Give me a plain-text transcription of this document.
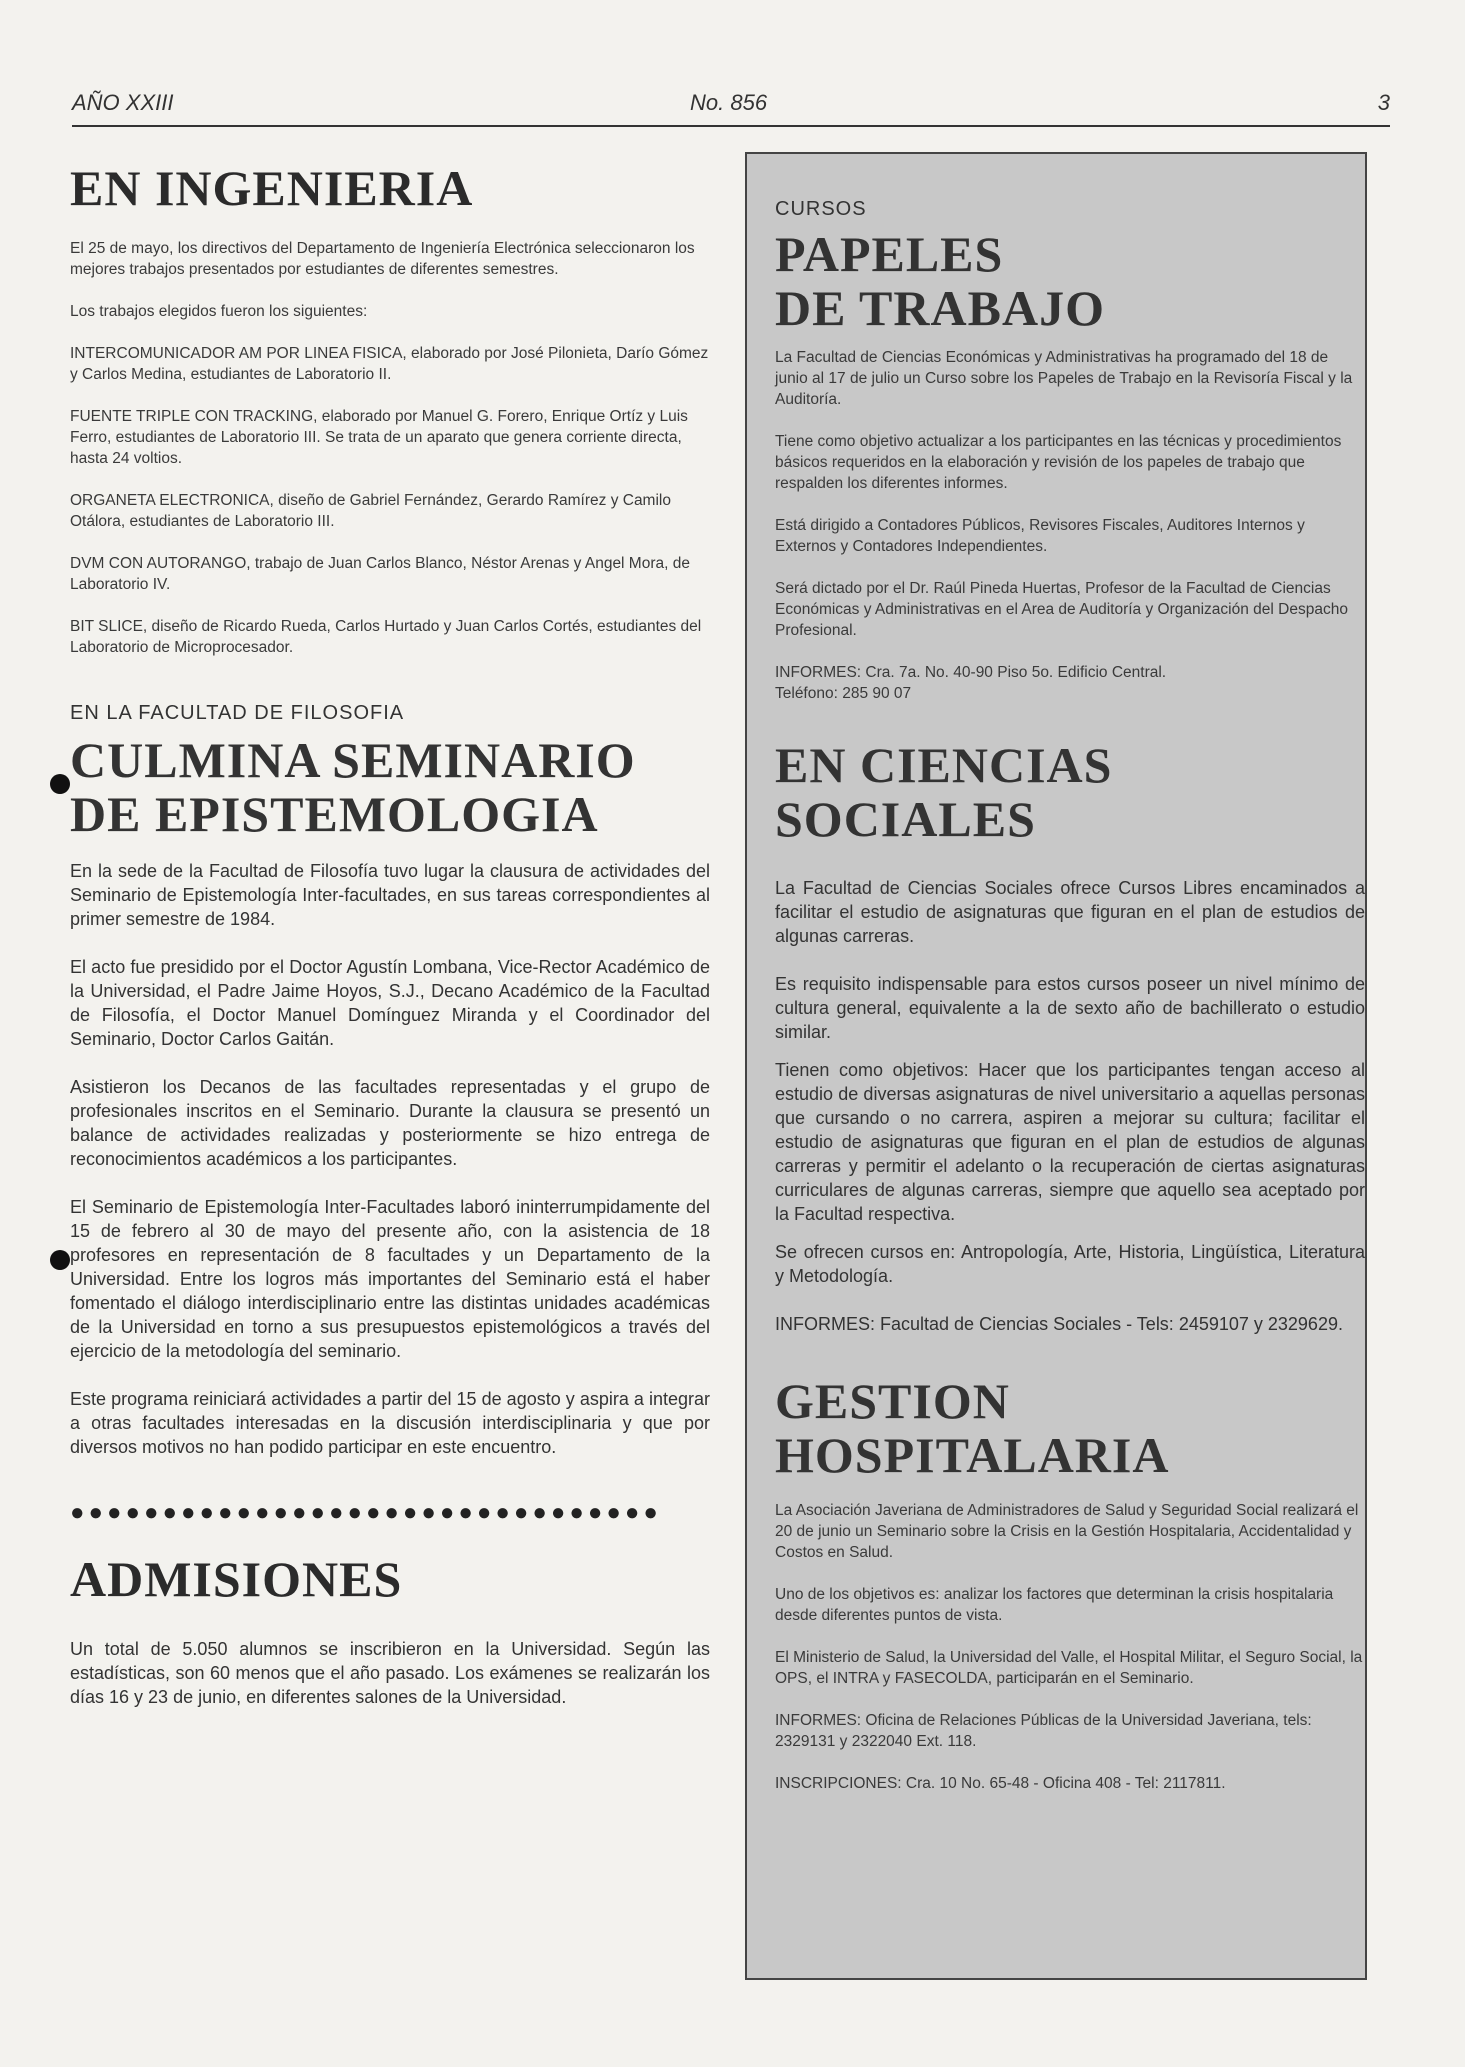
AÑO XXIII	No. 856	3
EN INGENIERIA

El 25 de mayo, los directivos del Departamento de Ingeniería Electrónica seleccionaron los mejores trabajos presentados por estudiantes de diferentes semestres.

Los trabajos elegidos fueron los siguientes:

INTERCOMUNICADOR AM POR LINEA FISICA, elaborado por José Pilonieta, Darío Gómez y Carlos Medina, estudiantes de Laboratorio II.

FUENTE TRIPLE CON TRACKING, elaborado por Manuel G. Forero, Enrique Ortíz y Luis Ferro, estudiantes de Laboratorio III. Se trata de un aparato que genera corriente directa, hasta 24 voltios.

ORGANETA ELECTRONICA, diseño de Gabriel Fernández, Gerardo Ramírez y Camilo Otálora, estudiantes de Laboratorio III.

DVM CON AUTORANGO, trabajo de Juan Carlos Blanco, Néstor Arenas y Angel Mora, de Laboratorio IV.

BIT SLICE, diseño de Ricardo Rueda, Carlos Hurtado y Juan Carlos Cortés, estudiantes del Laboratorio de Microprocesador.

EN LA FACULTAD DE FILOSOFIA

CULMINA SEMINARIO
DE EPISTEMOLOGIA

En la sede de la Facultad de Filosofía tuvo lugar la clausura de actividades del Seminario de Epistemología Inter-facultades, en sus tareas correspondientes al primer semestre de 1984.

El acto fue presidido por el Doctor Agustín Lombana, Vice-Rector Académico de la Universidad, el Padre Jaime Hoyos, S.J., Decano Académico de la Facultad de Filosofía, el Doctor Manuel Domínguez Miranda y el Coordinador del Seminario, Doctor Carlos Gaitán.

Asistieron los Decanos de las facultades representadas y el grupo de profesionales inscritos en el Seminario. Durante la clausura se presentó un balance de actividades realizadas y posteriormente se hizo entrega de reconocimientos académicos a los participantes.

El Seminario de Epistemología Inter-Facultades laboró ininterrumpidamente del 15 de febrero al 30 de mayo del presente año, con la asistencia de 18 profesores en representación de 8 facultades y un Departamento de la Universidad. Entre los logros más importantes del Seminario está el haber fomentado el diálogo interdisciplinario entre las distintas unidades académicas de la Universidad en torno a sus presupuestos epistemológicos a través del ejercicio de la metodología del seminario.

Este programa reiniciará actividades a partir del 15 de agosto y aspira a integrar a otras facultades interesadas en la discusión interdisciplinaria y que por diversos motivos no han podido participar en este encuentro.

●●●●●●●●●●●●●●●●●●●●●●●●●●●●●●●●
ADMISIONES

Un total de 5.050 alumnos se inscribieron en la Universidad. Según las estadísticas, son 60 menos que el año pasado. Los exámenes se realizarán los días 16 y 23 de junio, en diferentes salones de la Universidad.

CURSOS

PAPELES
DE TRABAJO

La Facultad de Ciencias Económicas y Administrativas ha programado del 18 de junio al 17 de julio un Curso sobre los Papeles de Trabajo en la Revisoría Fiscal y la Auditoría.

Tiene como objetivo actualizar a los participantes en las técnicas y procedimientos básicos requeridos en la elaboración y revisión de los papeles de trabajo que respalden los diferentes informes.

Está dirigido a Contadores Públicos, Revisores Fiscales, Auditores Internos y Externos y Contadores Independientes.

Será dictado por el Dr. Raúl Pineda Huertas, Profesor de la Facultad de Ciencias Económicas y Administrativas en el Area de Auditoría y Organización del Despacho Profesional.

INFORMES: Cra. 7a. No. 40-90 Piso 5o. Edificio Central.

Teléfono: 285 90 07

EN CIENCIAS
SOCIALES

La Facultad de Ciencias Sociales ofrece Cursos Libres encaminados a facilitar el estudio de asignaturas que figuran en el plan de estudios de algunas carreras.

Es requisito indispensable para estos cursos poseer un nivel mínimo de cultura general, equivalente a la de sexto año de bachillerato o estudio similar.

Tienen como objetivos: Hacer que los participantes tengan acceso al estudio de diversas asignaturas de nivel universitario a aquellas personas que cursando o no carrera, aspiren a mejorar su cultura; facilitar el estudio de asignaturas que figuran en el plan de estudios de algunas carreras y permitir el adelanto o la recuperación de ciertas asignaturas curriculares de algunas carreras, siempre que aquello sea aceptado por la Facultad respectiva.

Se ofrecen cursos en: Antropología, Arte, Historia, Lingüística, Literatura y Metodología.

INFORMES: Facultad de Ciencias Sociales - Tels: 2459107 y 2329629.

GESTION
HOSPITALARIA

La Asociación Javeriana de Administradores de Salud y Seguridad Social realizará el 20 de junio un Seminario sobre la Crisis en la Gestión Hospitalaria, Accidentalidad y Costos en Salud.

Uno de los objetivos es: analizar los factores que determinan la crisis hospitalaria desde diferentes puntos de vista.

El Ministerio de Salud, la Universidad del Valle, el Hospital Militar, el Seguro Social, la OPS, el INTRA y FASECOLDA, participarán en el Seminario.

INFORMES: Oficina de Relaciones Públicas de la Universidad Javeriana, tels: 2329131 y 2322040 Ext. 118.

INSCRIPCIONES: Cra. 10 No. 65-48 - Oficina 408 - Tel: 2117811.
